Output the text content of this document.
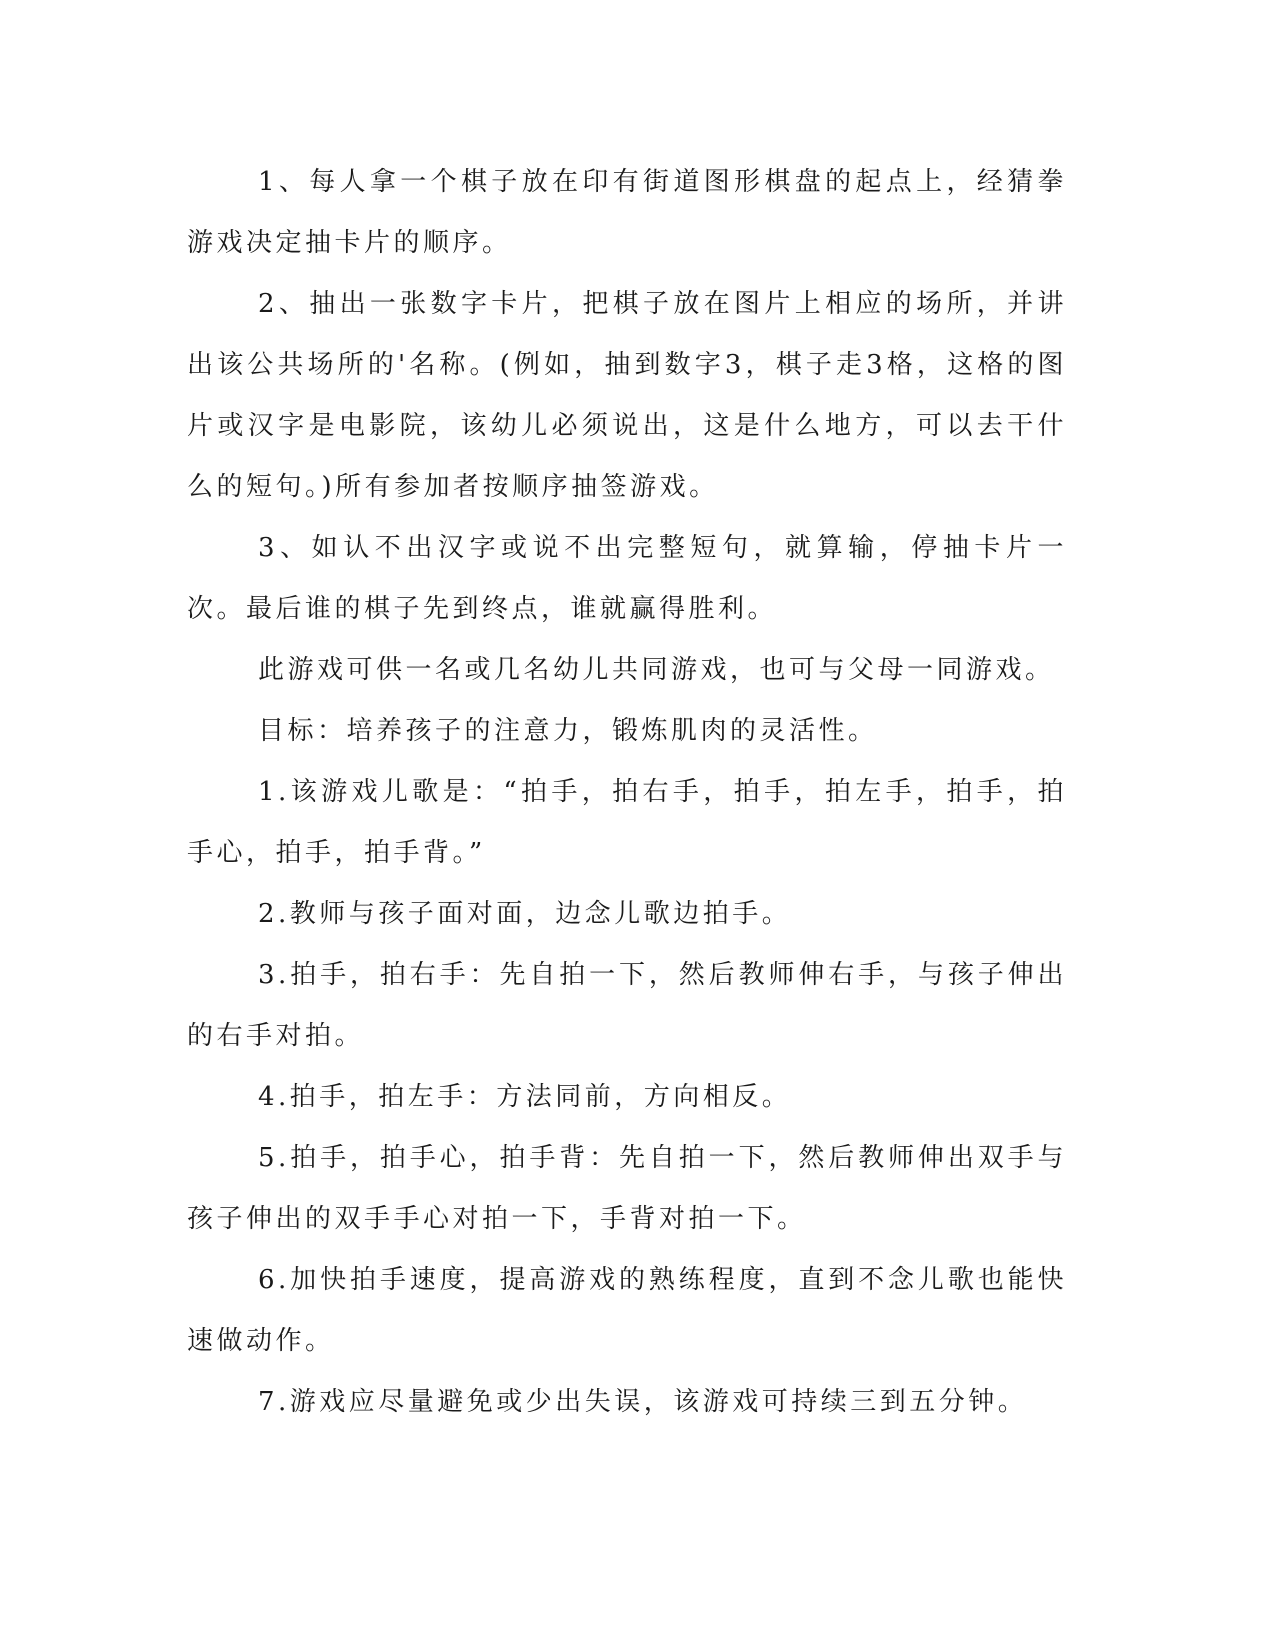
1、每人拿一个棋子放在印有街道图形棋盘的起点上，经猜拳游戏决定抽卡片的顺序。

2、抽出一张数字卡片，把棋子放在图片上相应的场所，并讲出该公共场所的'名称。(例如，抽到数字3，棋子走3格，这格的图片或汉字是电影院，该幼儿必须说出，这是什么地方，可以去干什么的短句。)所有参加者按顺序抽签游戏。

3、如认不出汉字或说不出完整短句，就算输，停抽卡片一次。最后谁的棋子先到终点，谁就赢得胜利。

此游戏可供一名或几名幼儿共同游戏，也可与父母一同游戏。

目标：培养孩子的注意力，锻炼肌肉的灵活性。

1.该游戏儿歌是：“拍手，拍右手，拍手，拍左手，拍手，拍手心，拍手，拍手背。”

2.教师与孩子面对面，边念儿歌边拍手。

3.拍手，拍右手：先自拍一下，然后教师伸右手，与孩子伸出的右手对拍。

4.拍手，拍左手：方法同前，方向相反。

5.拍手，拍手心，拍手背：先自拍一下，然后教师伸出双手与孩子伸出的双手手心对拍一下，手背对拍一下。

6.加快拍手速度，提高游戏的熟练程度，直到不念儿歌也能快速做动作。

7.游戏应尽量避免或少出失误，该游戏可持续三到五分钟。
